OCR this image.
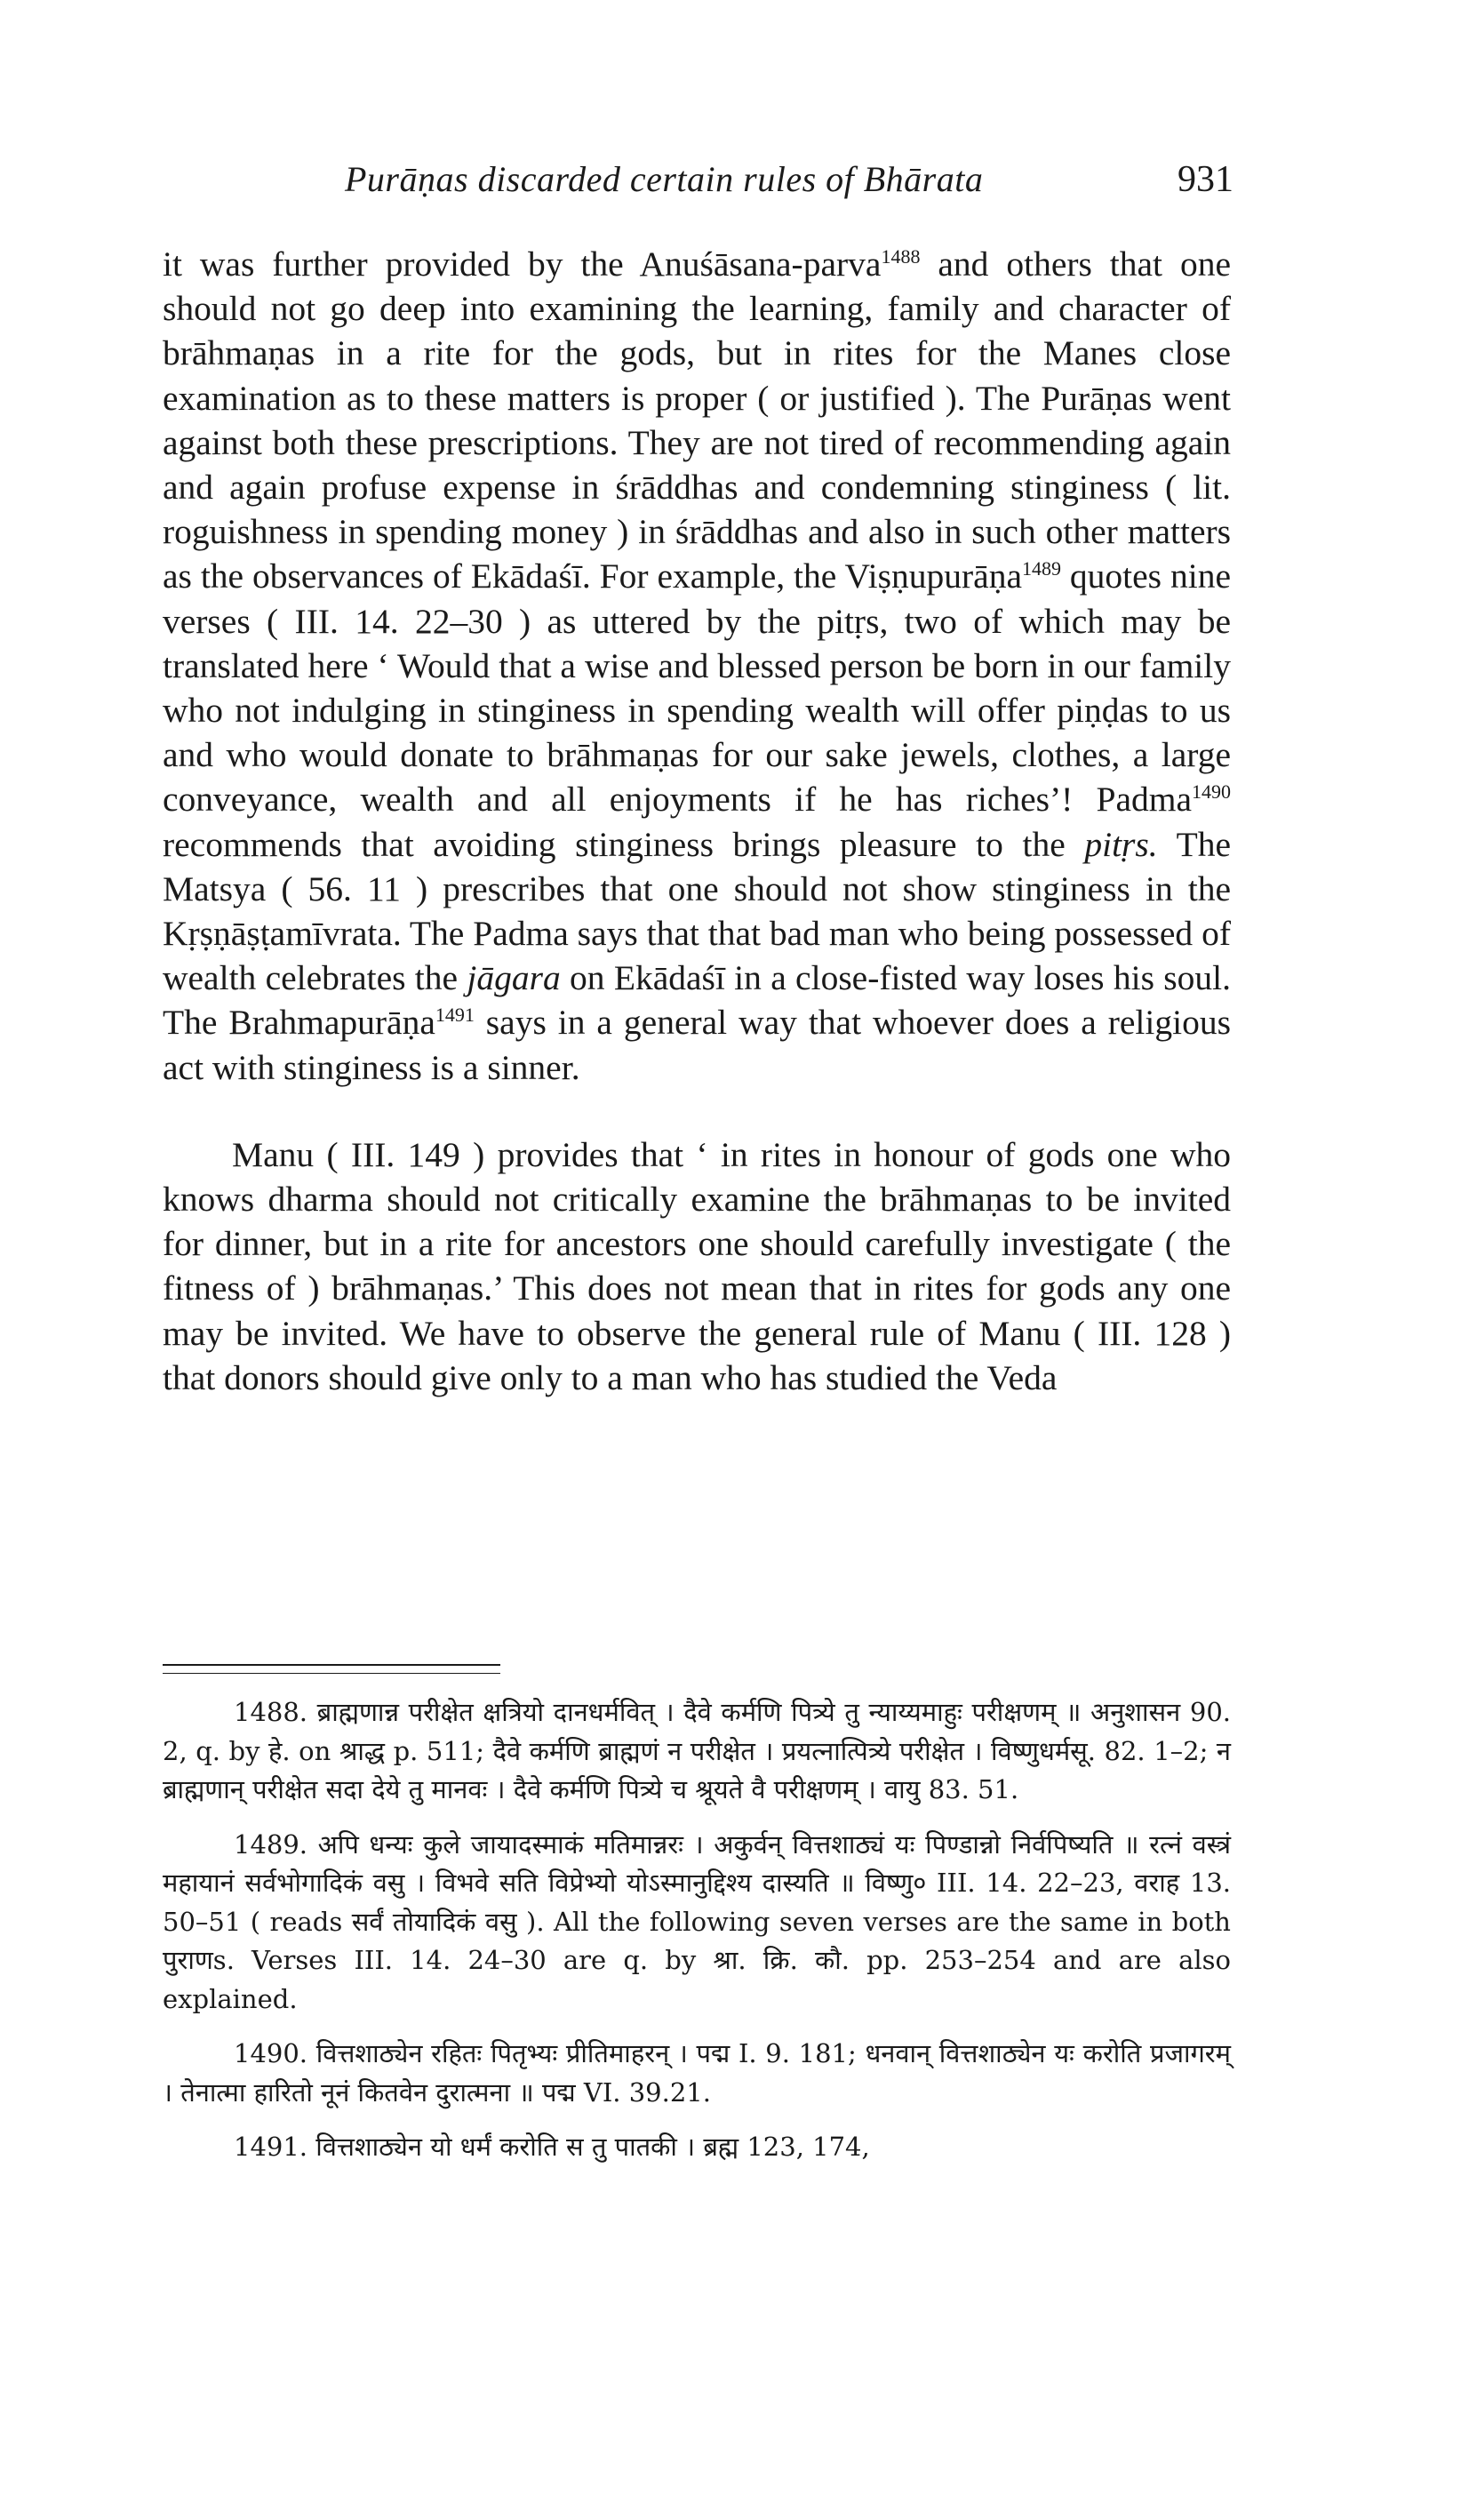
Purāṇas discarded certain rules of Bhārata	931

it was further provided by the Anuśāsana-parva$^{1488}$ and others that one should not go deep into examining the learning, family and character of brāhmaṇas in a rite for the gods, but in rites for the Manes close examination as to these matters is proper ( or justified ). The Purāṇas went against both these prescriptions. They are not tired of recommending again and again profuse expense in śrāddhas and condemning stinginess ( lit. roguishness in spending money ) in śrāddhas and also in such other matters as the observances of Ekādaśī. For example, the Viṣṇupurāṇa$^{1489}$ quotes nine verses ( III. 14. 22–30 ) as uttered by the pitṛs, two of which may be translated here ‘ Would that a wise and blessed person be born in our family who not indulging in stinginess in spending wealth will offer piṇḍas to us and who would donate to brāhmaṇas for our sake jewels, clothes, a large conveyance, wealth and all enjoyments if he has riches’! Padma$^{1490}$ recommends that avoiding stinginess brings pleasure to the pitṛs. The Matsya ( 56. 11 ) prescribes that one should not show stinginess in the Kṛṣṇāṣṭamīvrata. The Padma says that that bad man who being possessed of wealth celebrates the jāgara on Ekādaśī in a close-fisted way loses his soul. The Brahmapurāṇa$^{1491}$ says in a general way that whoever does a religious act with stinginess is a sinner.

Manu ( III. 149 ) provides that ‘ in rites in honour of gods one who knows dharma should not critically examine the brāhmaṇas to be invited for dinner, but in a rite for ancestors one should carefully investigate ( the fitness of ) brāhmaṇas.’ This does not mean that in rites for gods any one may be invited. We have to observe the general rule of Manu ( III. 128 ) that donors should give only to a man who has studied the Veda

1488. ब्राह्मणान्न परीक्षेत क्षत्रियो दानधर्मवित् । दैवे कर्मणि पित्र्ये तु न्याय्यमाहुः परीक्षणम् ॥ अनुशासन 90. 2, q. by हे. on श्राद्ध p. 511; दैवे कर्मणि ब्राह्मणं न परीक्षेत । प्रयत्नात्पित्र्ये परीक्षेत । विष्णुधर्मसू. 82. 1–2; न ब्राह्मणान् परीक्षेत सदा देये तु मानवः । दैवे कर्मणि पित्र्ये च श्रूयते वै परीक्षणम् । वायु 83. 51.

1489. अपि धन्यः कुले जायादस्माकं मतिमान्नरः । अकुर्वन् वित्तशाठ्यं यः पिण्डान्नो निर्वपिष्यति ॥ रत्नं वस्त्रं महायानं सर्वभोगादिकं वसु । विभवे सति विप्रेभ्यो योऽस्मानुद्दिश्य दास्यति ॥ विष्णु० III. 14. 22–23, वराह 13. 50–51 ( reads सर्वं तोयादिकं वसु ). All the following seven verses are the same in both पुराणs. Verses III. 14. 24–30 are q. by श्रा. क्रि. कौ. pp. 253–254 and are also explained.

1490. वित्तशाठ्येन रहितः पितृभ्यः प्रीतिमाहरन् । पद्म I. 9. 181; धनवान् वित्तशाठ्येन यः करोति प्रजागरम् । तेनात्मा हारितो नूनं कितवेन दुरात्मना ॥ पद्म VI. 39.21.

1491. वित्तशाठ्येन यो धर्मं करोति स तु पातकी । ब्रह्म 123, 174,
